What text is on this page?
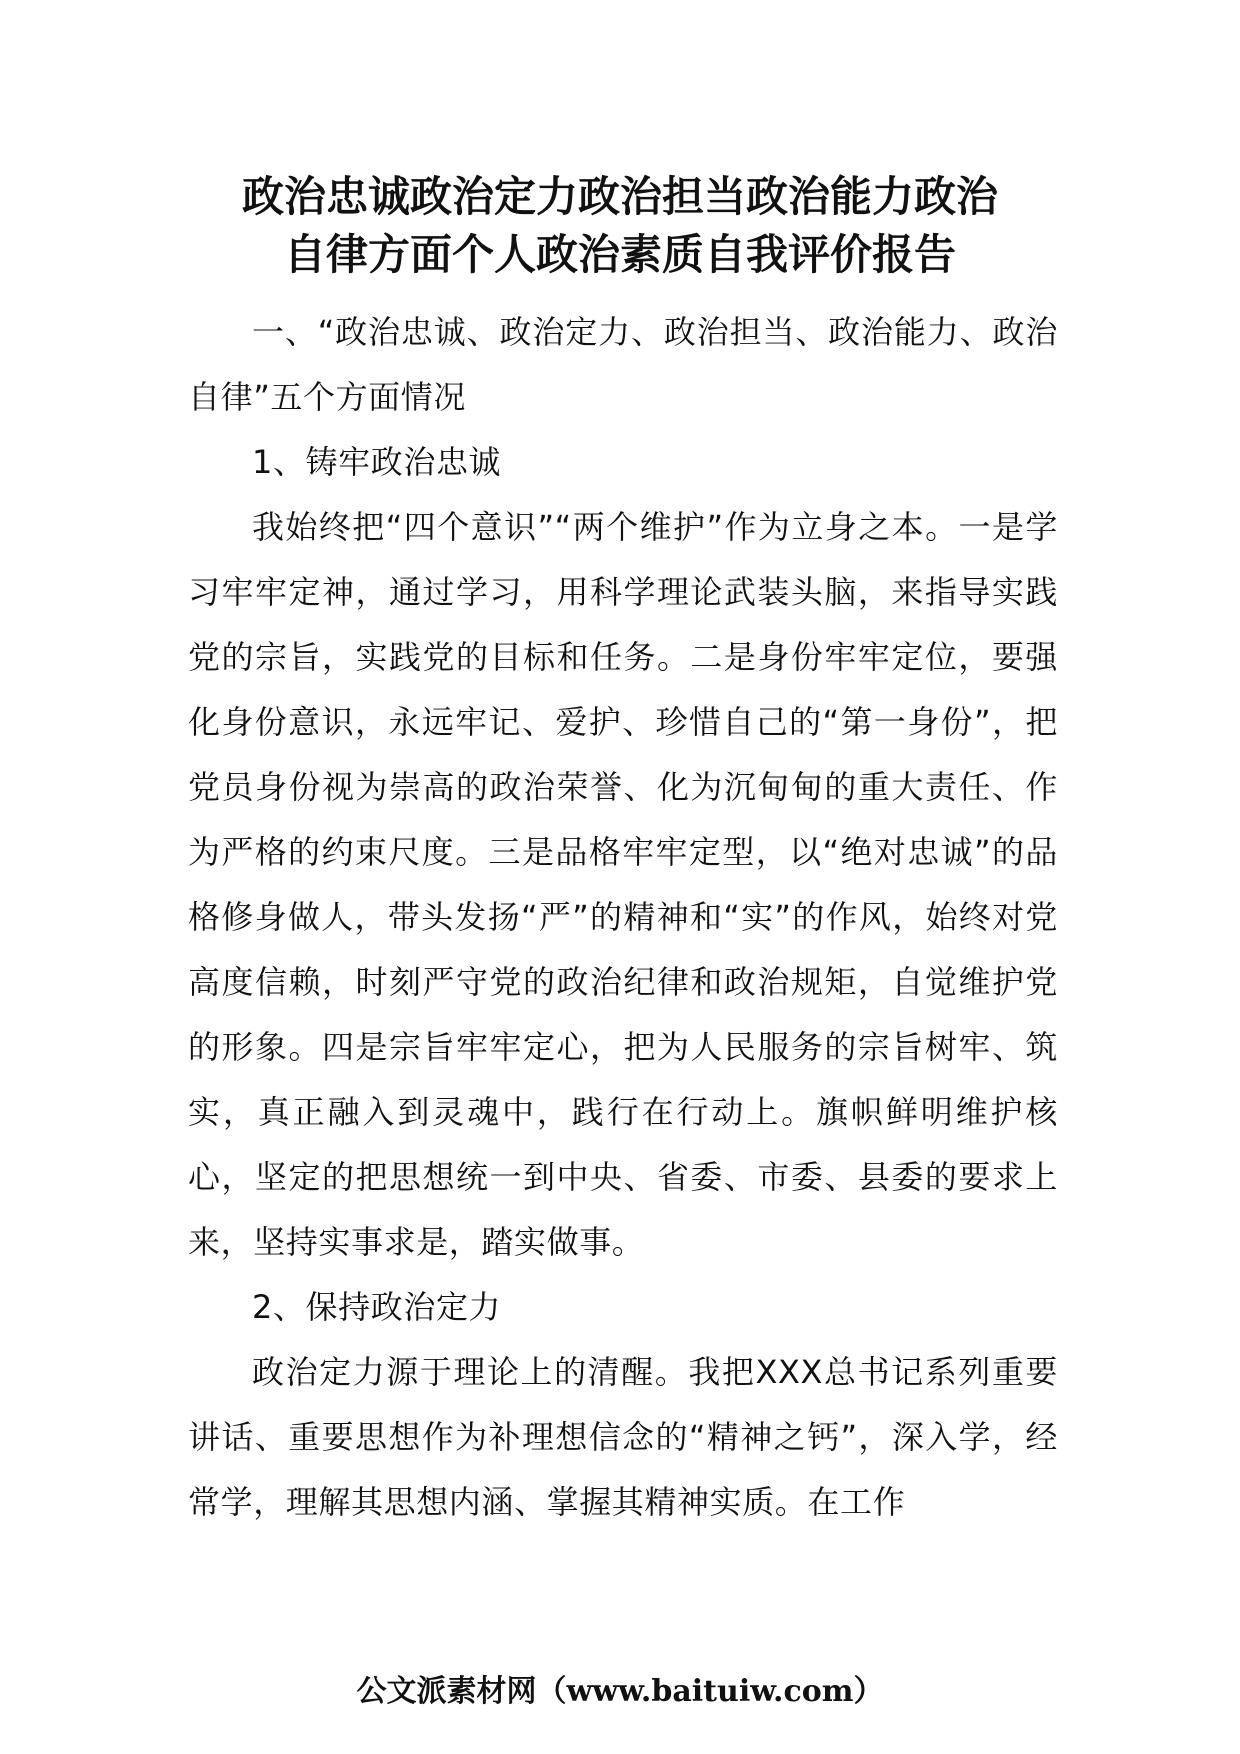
政治忠诚政治定力政治担当政治能力政治
自律方面个人政治素质自我评价报告

一、“政治忠诚、政治定力、政治担当、政治能力、政治自律”五个方面情况

1、铸牢政治忠诚

我始终把“四个意识”“两个维护”作为立身之本。一是学习牢牢定神，通过学习，用科学理论武装头脑，来指导实践党的宗旨，实践党的目标和任务。二是身份牢牢定位，要强化身份意识，永远牢记、爱护、珍惜自己的“第一身份”，把党员身份视为崇高的政治荣誉、化为沉甸甸的重大责任、作为严格的约束尺度。三是品格牢牢定型，以“绝对忠诚”的品格修身做人，带头发扬“严”的精神和“实”的作风，始终对党高度信赖，时刻严守党的政治纪律和政治规矩，自觉维护党的形象。四是宗旨牢牢定心，把为人民服务的宗旨树牢、筑实，真正融入到灵魂中，践行在行动上。旗帜鲜明维护核心，坚定的把思想统一到中央、省委、市委、县委的要求上来，坚持实事求是，踏实做事。

2、保持政治定力

政治定力源于理论上的清醒。我把XXX总书记系列重要讲话、重要思想作为补理想信念的“精神之钙”，深入学，经常学，理解其思想内涵、掌握其精神实质。在工作

公文派素材网（www.baituiw.com）
